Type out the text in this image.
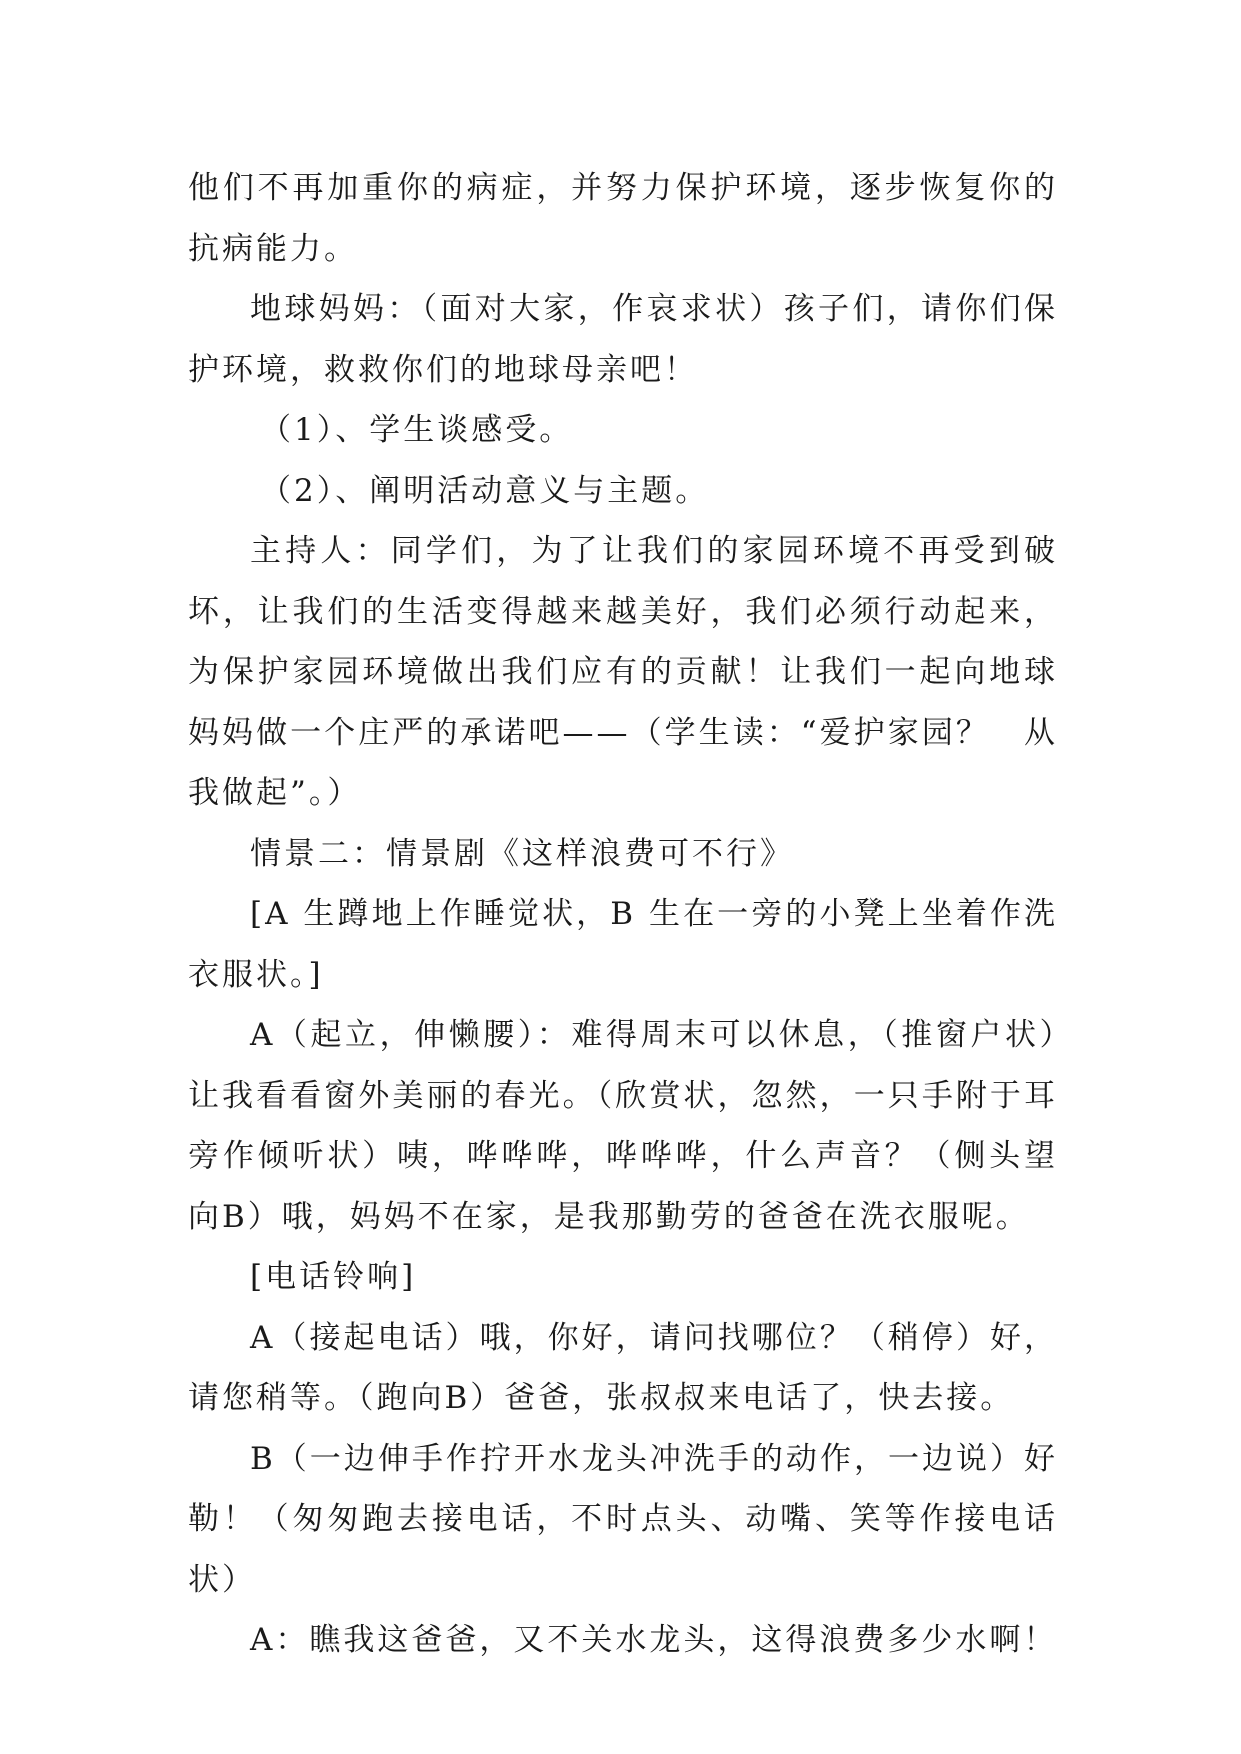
他们不再加重你的病症，并努力保护环境，逐步恢复你的抗病能力。

地球妈妈：（面对大家，作哀求状）孩子们，请你们保护环境，救救你们的地球母亲吧！

（1）、学生谈感受。

（2）、阐明活动意义与主题。

主持人：同学们，为了让我们的家园环境不再受到破坏，让我们的生活变得越来越美好，我们必须行动起来，为保护家园环境做出我们应有的贡献！让我们一起向地球妈妈做一个庄严的承诺吧——（学生读：“爱护家园？　从我做起”。）

情景二：情景剧《这样浪费可不行》

[A 生蹲地上作睡觉状，B 生在一旁的小凳上坐着作洗衣服状。]

A（起立，伸懒腰）：难得周末可以休息，（推窗户状）让我看看窗外美丽的春光。（欣赏状，忽然，一只手附于耳旁作倾听状）咦，哗哗哗，哗哗哗，什么声音？（侧头望向B）哦，妈妈不在家，是我那勤劳的爸爸在洗衣服呢。

[电话铃响]

A（接起电话）哦，你好，请问找哪位？（稍停）好，请您稍等。（跑向B）爸爸，张叔叔来电话了，快去接。

B（一边伸手作拧开水龙头冲洗手的动作，一边说）好勒！（匆匆跑去接电话，不时点头、动嘴、笑等作接电话状）

A：瞧我这爸爸，又不关水龙头，这得浪费多少水啊！
